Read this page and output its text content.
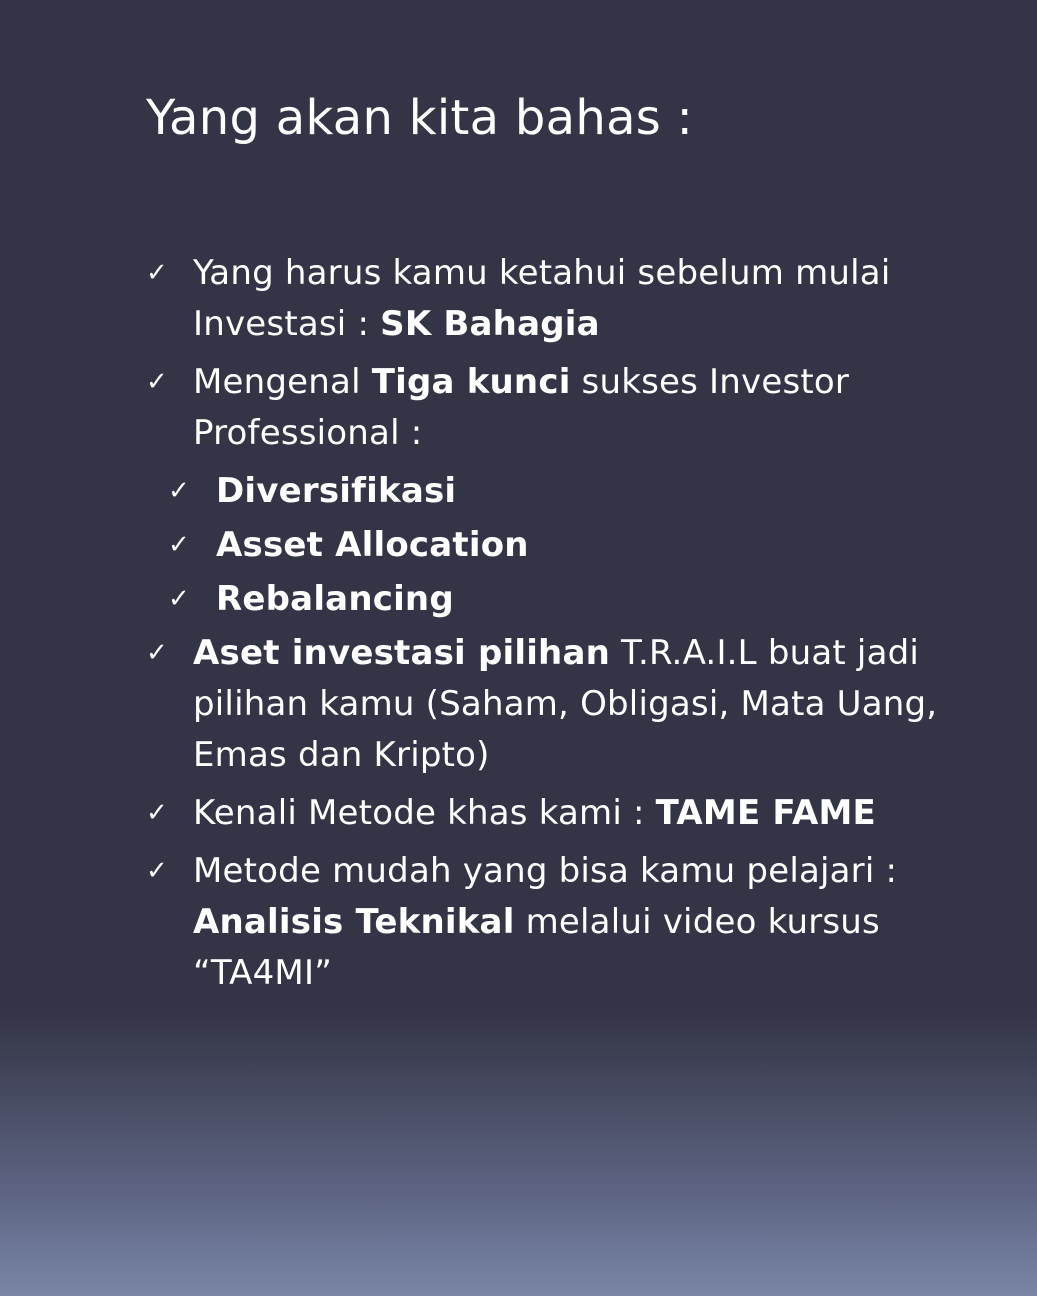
Yang akan kita bahas :
✓ Yang harus kamu ketahui sebelum mulai Investasi : SK Bahagia
✓ Mengenal Tiga kunci sukses Investor Professional :
✓ Diversifikasi
✓ Asset Allocation
✓ Rebalancing
✓ Aset investasi pilihan T.R.A.I.L buat jadi pilihan kamu (Saham, Obligasi, Mata Uang, Emas dan Kripto)
✓ Kenali Metode khas kami : TAME FAME
✓ Metode mudah yang bisa kamu pelajari : Analisis Teknikal melalui video kursus “TA4MI”
